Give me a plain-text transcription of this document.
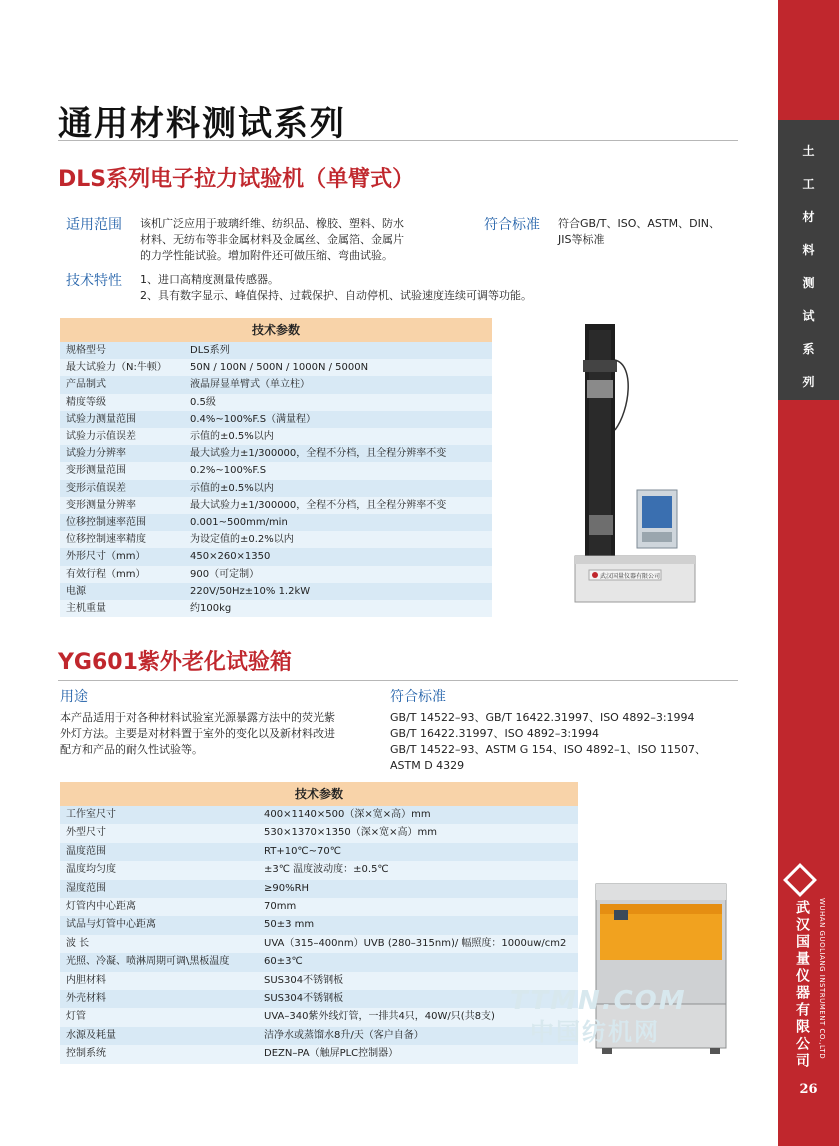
土
工
材
料
测
试
系
列
武汉国量仪器有限公司	WUHAN GUOLIANG INSTRUMENT CO.,LTD
26
通用材料测试系列
DLS系列电子拉力试验机（单臂式）
适用范围 该机广泛应用于玻璃纤维、纺织品、橡胶、塑料、防水
材料、无纺布等非金属材料及金属丝、金属箔、金属片
的力学性能试验。增加附件还可做压缩、弯曲试验。
符合标准 符合GB/T、ISO、ASTM、DIN、
JIS等标准
技术特性 1、进口高精度测量传感器。
2、具有数字显示、峰值保持、过载保护、自动停机、试验速度连续可调等功能。
技术参数
规格型号	DLS系列
最大试验力（N:牛顿） 50N / 100N / 500N / 1000N / 5000N
产品制式	液晶屏显单臂式（单立柱）
精度等级	0.5级
试验力测量范围	0.4%~100%F.S（满量程）
试验力示值误差	示值的±0.5%以内
试验力分辨率	最大试验力±1/300000，全程不分档，且全程分辨率不变
变形测量范围	0.2%~100%F.S
变形示值误差	示值的±0.5%以内
变形测量分辨率	最大试验力±1/300000，全程不分档，且全程分辨率不变
位移控制速率范围	0.001~500mm/min
位移控制速率精度	为设定值的±0.2%以内
外形尺寸（mm）	450×260×1350
有效行程（mm）	900（可定制）
电源	220V/50Hz±10% 1.2kW
主机重量	约100kg
武汉国量仪器有限公司
YG601紫外老化试验箱
用途
本产品适用于对各种材料试验室光源暴露方法中的荧光紫
外灯方法。主要是对材料置于室外的变化以及新材料改进
配方和产品的耐久性试验等。
符合标准
GB/T 14522–93、GB/T 16422.31997、ISO 4892–3:1994
GB/T 16422.31997、ISO 4892–3:1994
GB/T 14522–93、ASTM G 154、ISO 4892–1、ISO 11507、
ASTM D 4329
技术参数
工作室尺寸	400×1140×500（深×宽×高）mm
外型尺寸	530×1370×1350（深×宽×高）mm
温度范围	RT+10℃~70℃
温度均匀度	±3℃ 温度波动度：±0.5℃
湿度范围	≥90%RH
灯管内中心距离	70mm
试品与灯管中心距离	50±3 mm
波 长	UVA（315–400nm）UVB (280–315nm)/ 幅照度：1000uw/cm2
光照、冷凝、喷淋周期可调\黑板温度	60±3℃
内胆材料	SUS304不锈钢板
外壳材料	SUS304不锈钢板
灯管	UVA–340紫外线灯管，一排共4只，40W/只(共8支)
水源及耗量	洁净水或蒸馏水8升/天（客户自备）
控制系统	DEZN–PA（触屏PLC控制器）
TTMN.COM
中国纺机网
